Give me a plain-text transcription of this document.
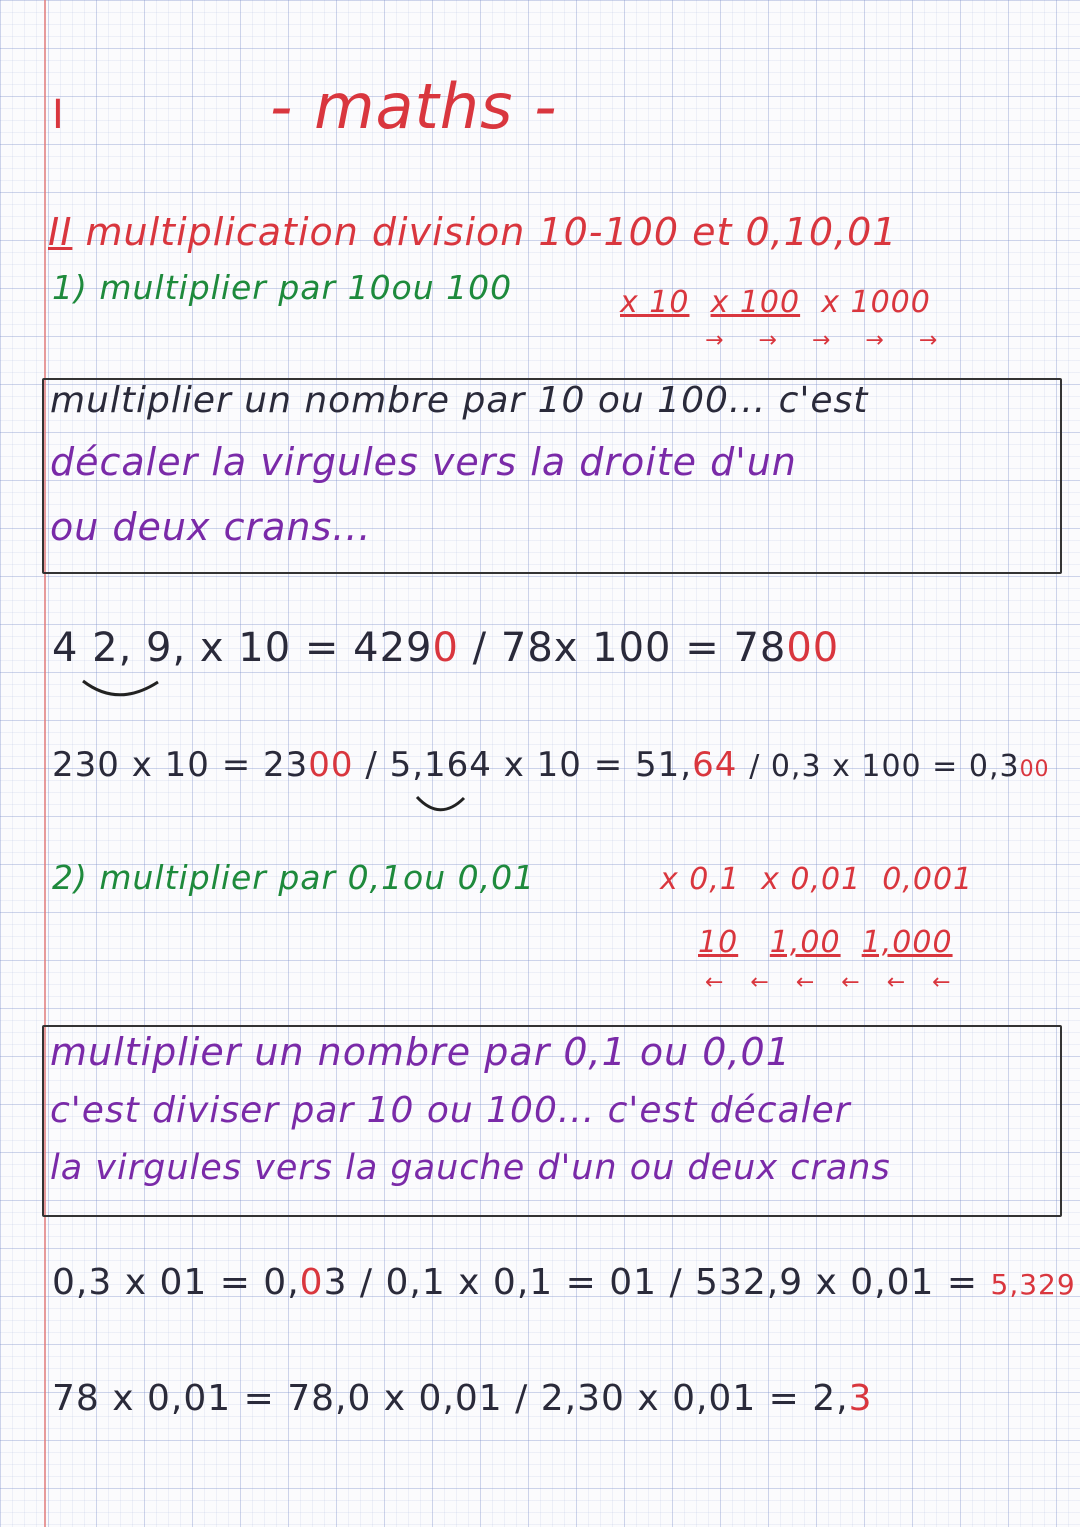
I	- maths -
II multiplication division 10-100 et 0,10,01
1) multiplier par 10ou 100	x 10 x 100 x 1000
→ → → → →
multiplier un nombre par 10 ou 100... c'est
décaler la virgules vers la droite d'un
ou deux crans...
4 2, 9, x 10 = 4290 / 78x 100 = 7800
230 x 10 = 2300 / 5,164 x 10 = 51,64 / 0,3 x 100 = 0,300
2) multiplier par 0,1ou 0,01	x 0,1 x 0,01 0,001
10 1,00 1,000
← ← ← ← ← ←
multiplier un nombre par 0,1 ou 0,01
c'est diviser par 10 ou 100... c'est décaler
la virgules vers la gauche d'un ou deux crans
0,3 x 01 = 0,03 / 0,1 x 0,1 = 01 / 532,9 x 0,01 = 5,329
78 x 0,01 = 78,0 x 0,01 / 2,30 x 0,01 = 2,3
